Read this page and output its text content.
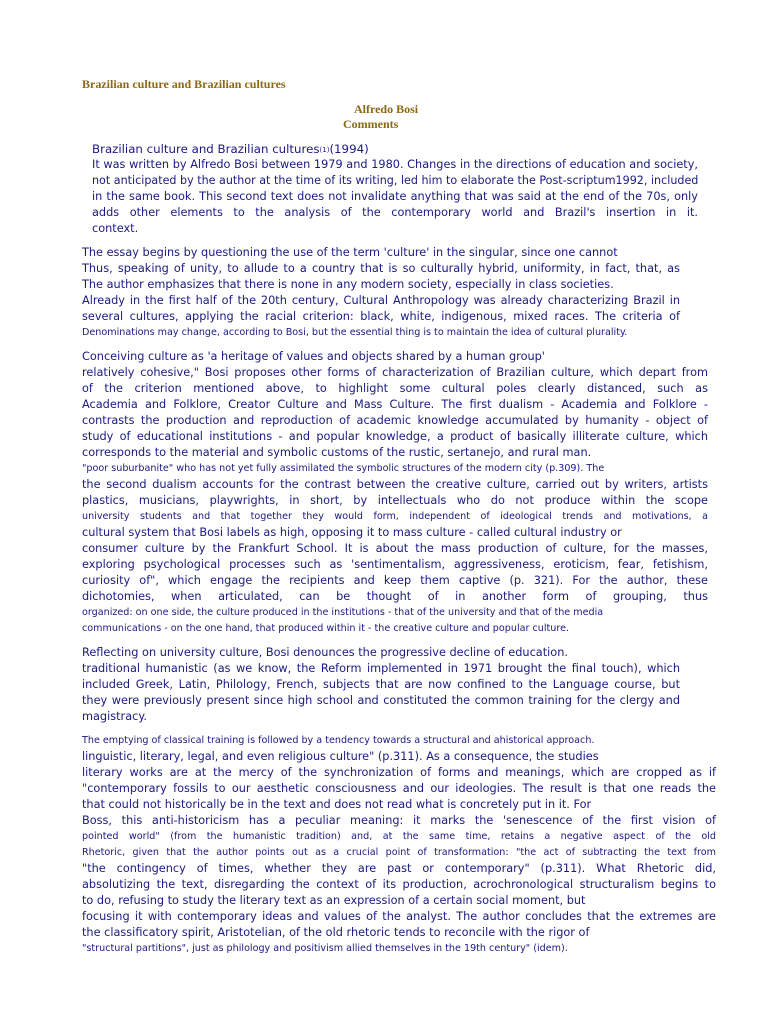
Brazilian culture and Brazilian cultures
Alfredo Bosi
Comments
Brazilian culture and Brazilian cultures$^{(1)}$(1994)
It was written by Alfredo Bosi between 1979 and 1980. Changes in the directions of education and society,
not anticipated by the author at the time of its writing, led him to elaborate the Post-scriptum1992, included
in the same book. This second text does not invalidate anything that was said at the end of the 70s, only
adds other elements to the analysis of the contemporary world and Brazil's insertion in it.
context.
The essay begins by questioning the use of the term 'culture' in the singular, since one cannot
Thus, speaking of unity, to allude to a country that is so culturally hybrid, uniformity, in fact, that, as
The author emphasizes that there is none in any modern society, especially in class societies.
Already in the first half of the 20th century, Cultural Anthropology was already characterizing Brazil in
several cultures, applying the racial criterion: black, white, indigenous, mixed races. The criteria of
Denominations may change, according to Bosi, but the essential thing is to maintain the idea of cultural plurality.
Conceiving culture as 'a heritage of values and objects shared by a human group'
relatively cohesive," Bosi proposes other forms of characterization of Brazilian culture, which depart from
of the criterion mentioned above, to highlight some cultural poles clearly distanced, such as
Academia and Folklore, Creator Culture and Mass Culture. The first dualism - Academia and Folklore -
contrasts the production and reproduction of academic knowledge accumulated by humanity - object of
study of educational institutions - and popular knowledge, a product of basically illiterate culture, which
corresponds to the material and symbolic customs of the rustic, sertanejo, and rural man.
"poor suburbanite" who has not yet fully assimilated the symbolic structures of the modern city (p.309). The
the second dualism accounts for the contrast between the creative culture, carried out by writers, artists
plastics, musicians, playwrights, in short, by intellectuals who do not produce within the scope
university students and that together they would form, independent of ideological trends and motivations, a
cultural system that Bosi labels as high, opposing it to mass culture - called cultural industry or
consumer culture by the Frankfurt School. It is about the mass production of culture, for the masses,
exploring psychological processes such as 'sentimentalism, aggressiveness, eroticism, fear, fetishism,
curiosity of", which engage the recipients and keep them captive (p. 321). For the author, these
dichotomies, when articulated, can be thought of in another form of grouping, thus
organized: on one side, the culture produced in the institutions - that of the university and that of the media
communications - on the one hand, that produced within it - the creative culture and popular culture.
Reflecting on university culture, Bosi denounces the progressive decline of education.
traditional humanistic (as we know, the Reform implemented in 1971 brought the final touch), which
included Greek, Latin, Philology, French, subjects that are now confined to the Language course, but
they were previously present since high school and constituted the common training for the clergy and
magistracy.
The emptying of classical training is followed by a tendency towards a structural and ahistorical approach.
linguistic, literary, legal, and even religious culture" (p.311). As a consequence, the studies
literary works are at the mercy of the synchronization of forms and meanings, which are cropped as if
"contemporary fossils to our aesthetic consciousness and our ideologies. The result is that one reads the
that could not historically be in the text and does not read what is concretely put in it. For
Boss, this anti-historicism has a peculiar meaning: it marks the 'senescence of the first vision of
pointed world" (from the humanistic tradition) and, at the same time, retains a negative aspect of the old
Rhetoric, given that the author points out as a crucial point of transformation: "the act of subtracting the text from
"the contingency of times, whether they are past or contemporary" (p.311). What Rhetoric did,
absolutizing the text, disregarding the context of its production, acrochronological structuralism begins to
to do, refusing to study the literary text as an expression of a certain social moment, but
focusing it with contemporary ideas and values of the analyst. The author concludes that the extremes are
the classificatory spirit, Aristotelian, of the old rhetoric tends to reconcile with the rigor of
"structural partitions", just as philology and positivism allied themselves in the 19th century" (idem).
